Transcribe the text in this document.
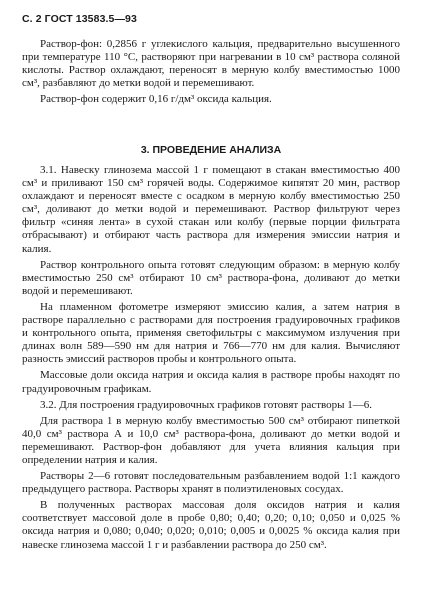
С. 2 ГОСТ 13583.5—93

Раствор-фон: 0,2856 г углекислого кальция, предварительно высушенного при температуре 110 °С, растворяют при нагревании в 10 см³ раствора соляной кислоты. Раствор охлаждают, переносят в мерную колбу вместимостью 1000 см³, разбавляют до метки водой и перемешивают.

Раствор-фон содержит 0,16 г/дм³ оксида кальция.

3. ПРОВЕДЕНИЕ АНАЛИЗА

3.1. Навеску глинозема массой 1 г помещают в стакан вместимостью 400 см³ и приливают 150 см³ горячей воды. Содержимое кипятят 20 мин, раствор охлаждают и переносят вместе с осадком в мерную колбу вместимостью 250 см³, доливают до метки водой и перемешивают. Раствор фильтруют через фильтр «синяя лента» в сухой стакан или колбу (первые порции фильтрата отбрасывают) и отбирают часть раствора для измерения эмиссии натрия и калия.

Раствор контрольного опыта готовят следующим образом: в мерную колбу вместимостью 250 см³ отбирают 10 см³ раствора-фона, доливают до метки водой и перемешивают.

На пламенном фотометре измеряют эмиссию калия, а затем натрия в растворе параллельно с растворами для построения градуировочных графиков и контрольного опыта, применяя светофильтры с максимумом излучения при длинах волн 589—590 нм для натрия и 766—770 нм для калия. Вычисляют разность эмиссий растворов пробы и контрольного опыта.

Массовые доли оксида натрия и оксида калия в растворе пробы находят по градуировочным графикам.

3.2. Для построения градуировочных графиков готовят растворы 1—6.

Для раствора 1 в мерную колбу вместимостью 500 см³ отбирают пипеткой 40,0 см³ раствора А и 10,0 см³ раствора-фона, доливают до метки водой и перемешивают. Раствор-фон добавляют для учета влияния кальция при определении натрия и калия.

Растворы 2—6 готовят последовательным разбавлением водой 1:1 каждого предыдущего раствора. Растворы хранят в полиэтиленовых сосудах.

В полученных растворах массовая доля оксидов натрия и калия соответствует массовой доле в пробе 0,80; 0,40; 0,20; 0,10; 0,050 и 0,025 % оксида натрия и 0,080; 0,040; 0,020; 0,010; 0,005 и 0,0025 % оксида калия при навеске глинозема массой 1 г и разбавлении раствора до 250 см³.
